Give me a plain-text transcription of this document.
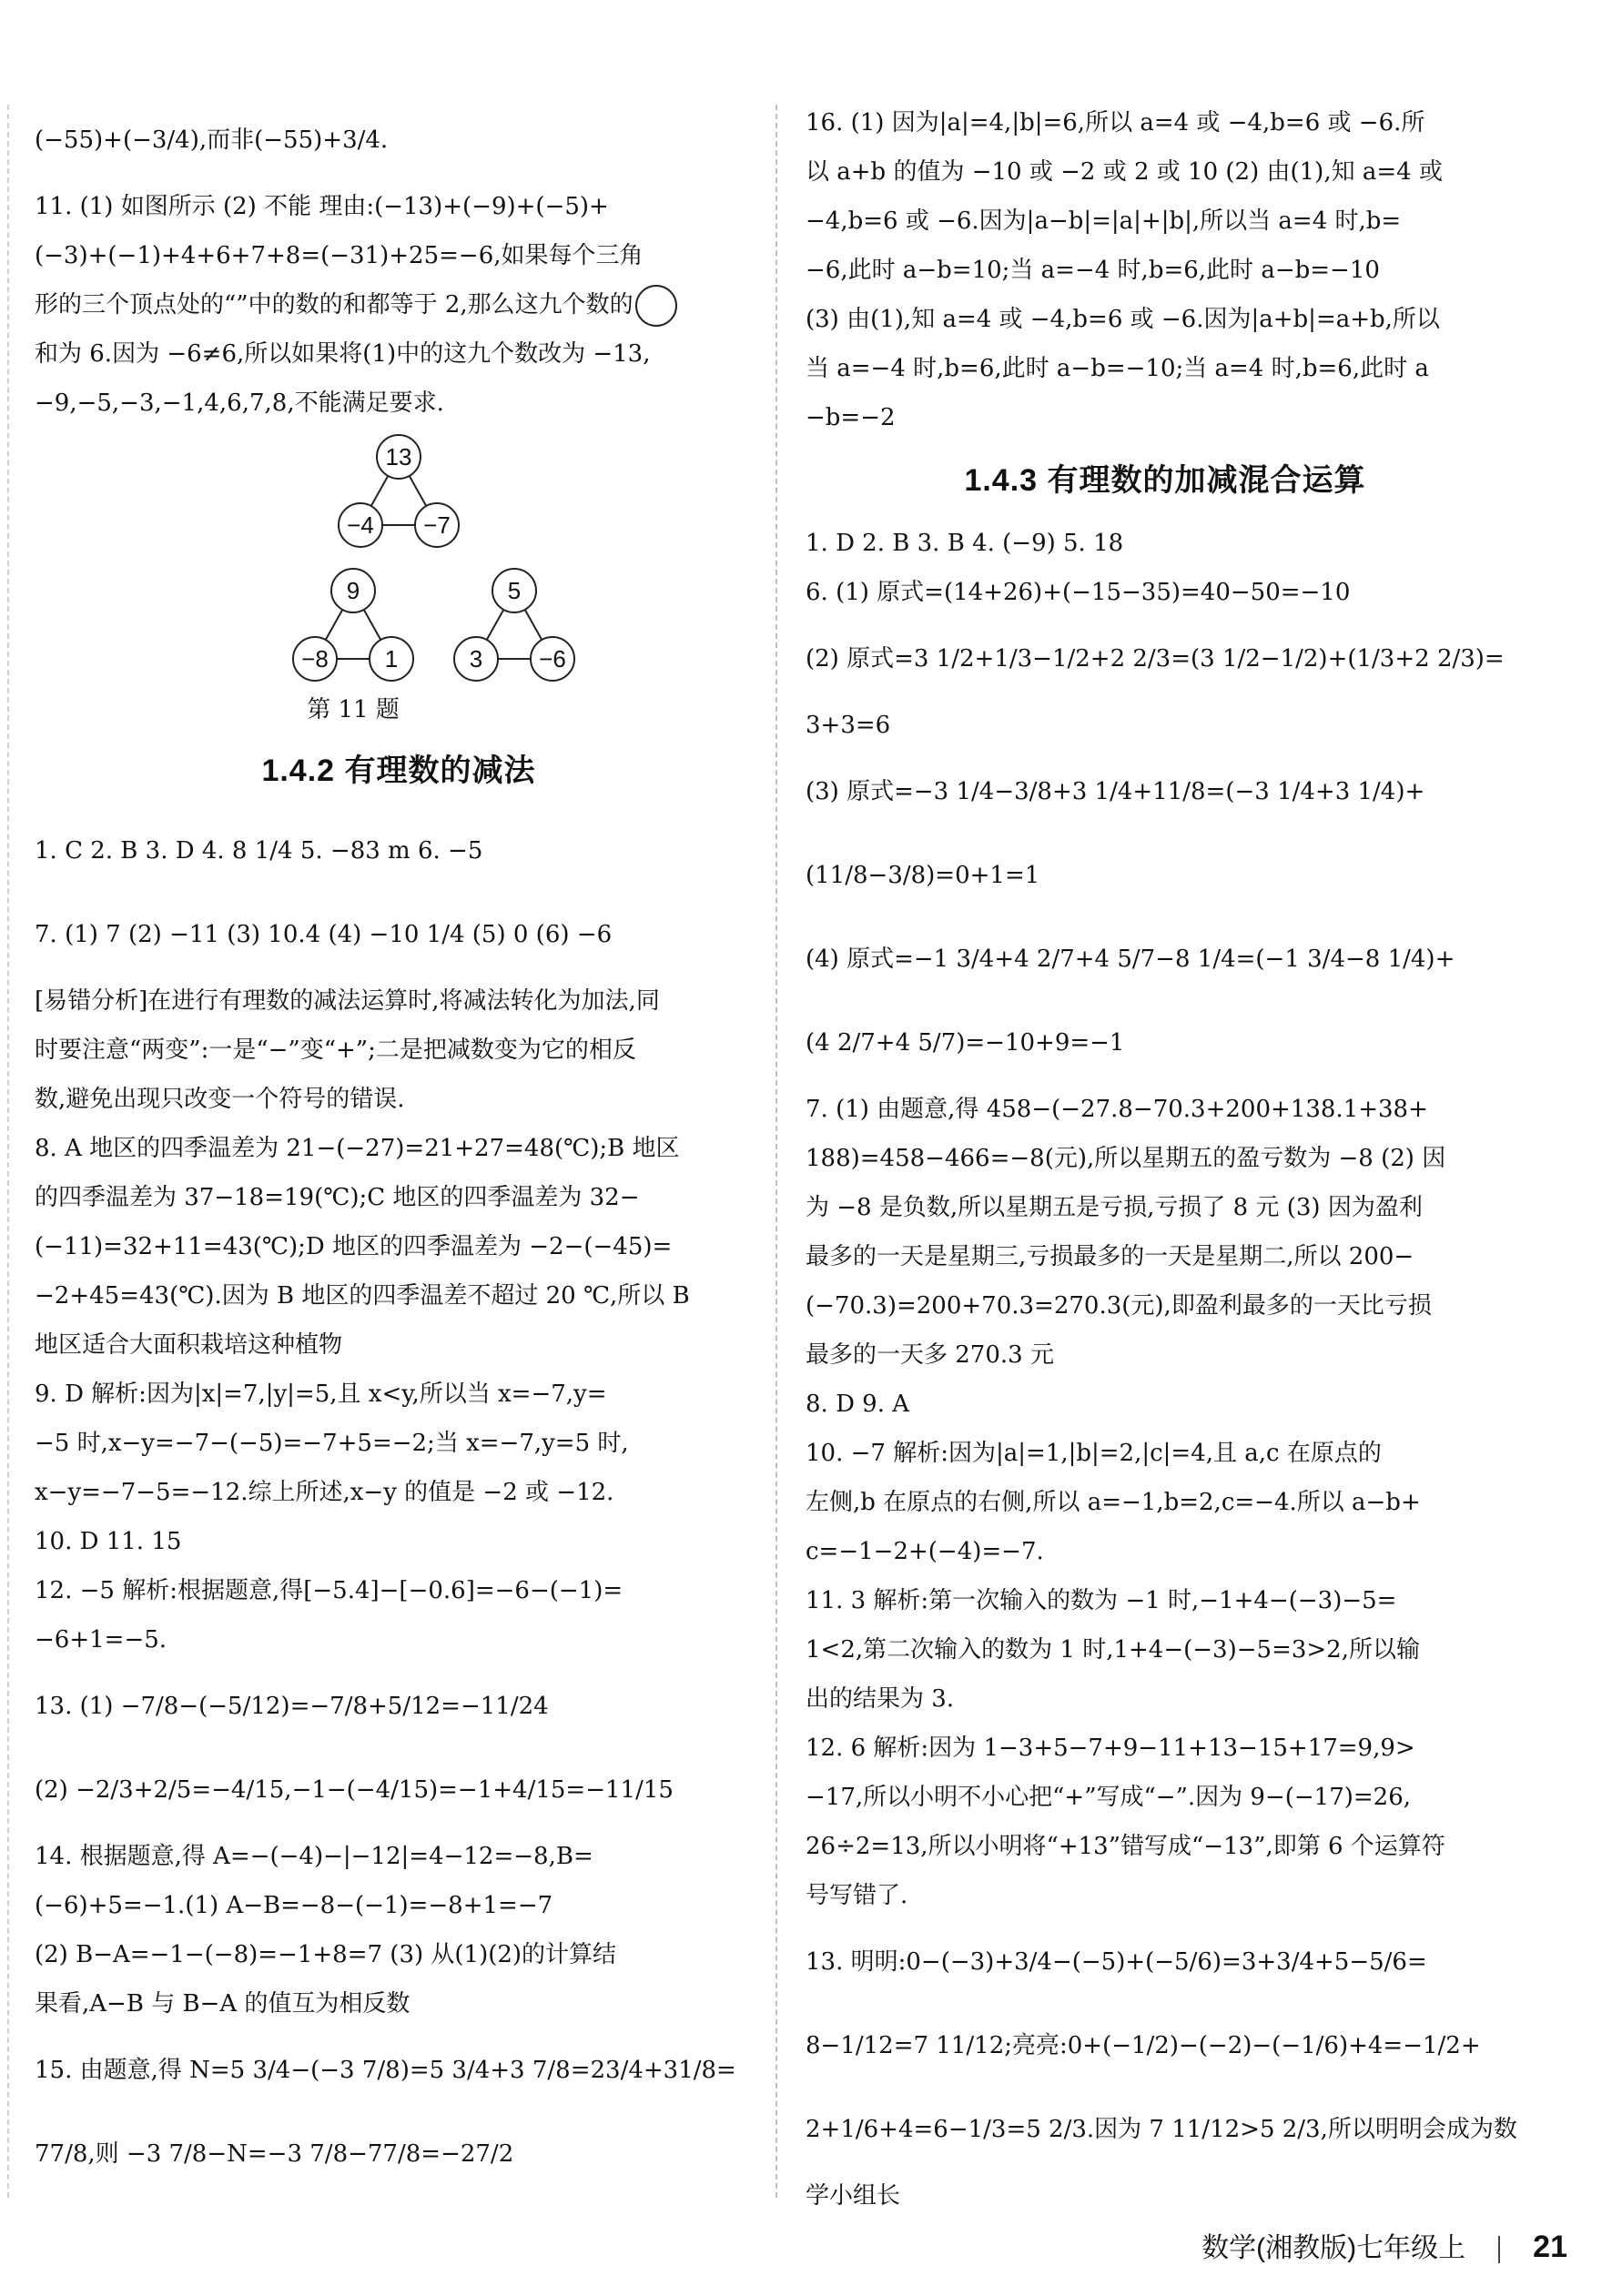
(−55)+(−3/4),而非(−55)+3/4.
11. (1) 如图所示 (2) 不能 理由:(−13)+(−9)+(−5)+
(−3)+(−1)+4+6+7+8=(−31)+25=−6,如果每个三角
形的三个顶点处的“”中的数的和都等于 2,那么这九个数的
和为 6.因为 −6≠6,所以如果将(1)中的这九个数改为 −13,
−9,−5,−3,−1,4,6,7,8,不能满足要求.
13
−4 −7
9
−8 1
5
3 −6
第 11 题
1.4.2 有理数的减法
1. C 2. B 3. D 4. 8 1/4 5. −83 m 6. −5
7. (1) 7 (2) −11 (3) 10.4 (4) −10 1/4 (5) 0 (6) −6
[易错分析]在进行有理数的减法运算时,将减法转化为加法,同
时要注意“两变”:一是“−”变“+”;二是把减数变为它的相反
数,避免出现只改变一个符号的错误.
8. A 地区的四季温差为 21−(−27)=21+27=48(℃);B 地区
的四季温差为 37−18=19(℃);C 地区的四季温差为 32−
(−11)=32+11=43(℃);D 地区的四季温差为 −2−(−45)=
−2+45=43(℃).因为 B 地区的四季温差不超过 20 ℃,所以 B
地区适合大面积栽培这种植物
9. D 解析:因为|x|=7,|y|=5,且 x<y,所以当 x=−7,y=
−5 时,x−y=−7−(−5)=−7+5=−2;当 x=−7,y=5 时,
x−y=−7−5=−12.综上所述,x−y 的值是 −2 或 −12.
10. D 11. 15
12. −5 解析:根据题意,得[−5.4]−[−0.6]=−6−(−1)=
−6+1=−5.
13. (1) −7/8−(−5/12)=−7/8+5/12=−11/24
(2) −2/3+2/5=−4/15,−1−(−4/15)=−1+4/15=−11/15
14. 根据题意,得 A=−(−4)−|−12|=4−12=−8,B=
(−6)+5=−1.(1) A−B=−8−(−1)=−8+1=−7
(2) B−A=−1−(−8)=−1+8=7 (3) 从(1)(2)的计算结
果看,A−B 与 B−A 的值互为相反数
15. 由题意,得 N=5 3/4−(−3 7/8)=5 3/4+3 7/8=23/4+31/8=
77/8,则 −3 7/8−N=−3 7/8−77/8=−27/2
16. (1) 因为|a|=4,|b|=6,所以 a=4 或 −4,b=6 或 −6.所
以 a+b 的值为 −10 或 −2 或 2 或 10 (2) 由(1),知 a=4 或
−4,b=6 或 −6.因为|a−b|=|a|+|b|,所以当 a=4 时,b=
−6,此时 a−b=10;当 a=−4 时,b=6,此时 a−b=−10
(3) 由(1),知 a=4 或 −4,b=6 或 −6.因为|a+b|=a+b,所以
当 a=−4 时,b=6,此时 a−b=−10;当 a=4 时,b=6,此时 a
−b=−2
1.4.3 有理数的加减混合运算
1. D 2. B 3. B 4. (−9) 5. 18
6. (1) 原式=(14+26)+(−15−35)=40−50=−10
(2) 原式=3 1/2+1/3−1/2+2 2/3=(3 1/2−1/2)+(1/3+2 2/3)=
3+3=6
(3) 原式=−3 1/4−3/8+3 1/4+11/8=(−3 1/4+3 1/4)+
(11/8−3/8)=0+1=1
(4) 原式=−1 3/4+4 2/7+4 5/7−8 1/4=(−1 3/4−8 1/4)+
(4 2/7+4 5/7)=−10+9=−1
7. (1) 由题意,得 458−(−27.8−70.3+200+138.1+38+
188)=458−466=−8(元),所以星期五的盈亏数为 −8 (2) 因
为 −8 是负数,所以星期五是亏损,亏损了 8 元 (3) 因为盈利
最多的一天是星期三,亏损最多的一天是星期二,所以 200−
(−70.3)=200+70.3=270.3(元),即盈利最多的一天比亏损
最多的一天多 270.3 元
8. D 9. A
10. −7 解析:因为|a|=1,|b|=2,|c|=4,且 a,c 在原点的
左侧,b 在原点的右侧,所以 a=−1,b=2,c=−4.所以 a−b+
c=−1−2+(−4)=−7.
11. 3 解析:第一次输入的数为 −1 时,−1+4−(−3)−5=
1<2,第二次输入的数为 1 时,1+4−(−3)−5=3>2,所以输
出的结果为 3.
12. 6 解析:因为 1−3+5−7+9−11+13−15+17=9,9>
−17,所以小明不小心把“+”写成“−”.因为 9−(−17)=26,
26÷2=13,所以小明将“+13”错写成“−13”,即第 6 个运算符
号写错了.
13. 明明:0−(−3)+3/4−(−5)+(−5/6)=3+3/4+5−5/6=
8−1/12=7 11/12;亮亮:0+(−1/2)−(−2)−(−1/6)+4=−1/2+
2+1/6+4=6−1/3=5 2/3.因为 7 11/12>5 2/3,所以明明会成为数
学小组长
数学(湘教版)七年级上 21
